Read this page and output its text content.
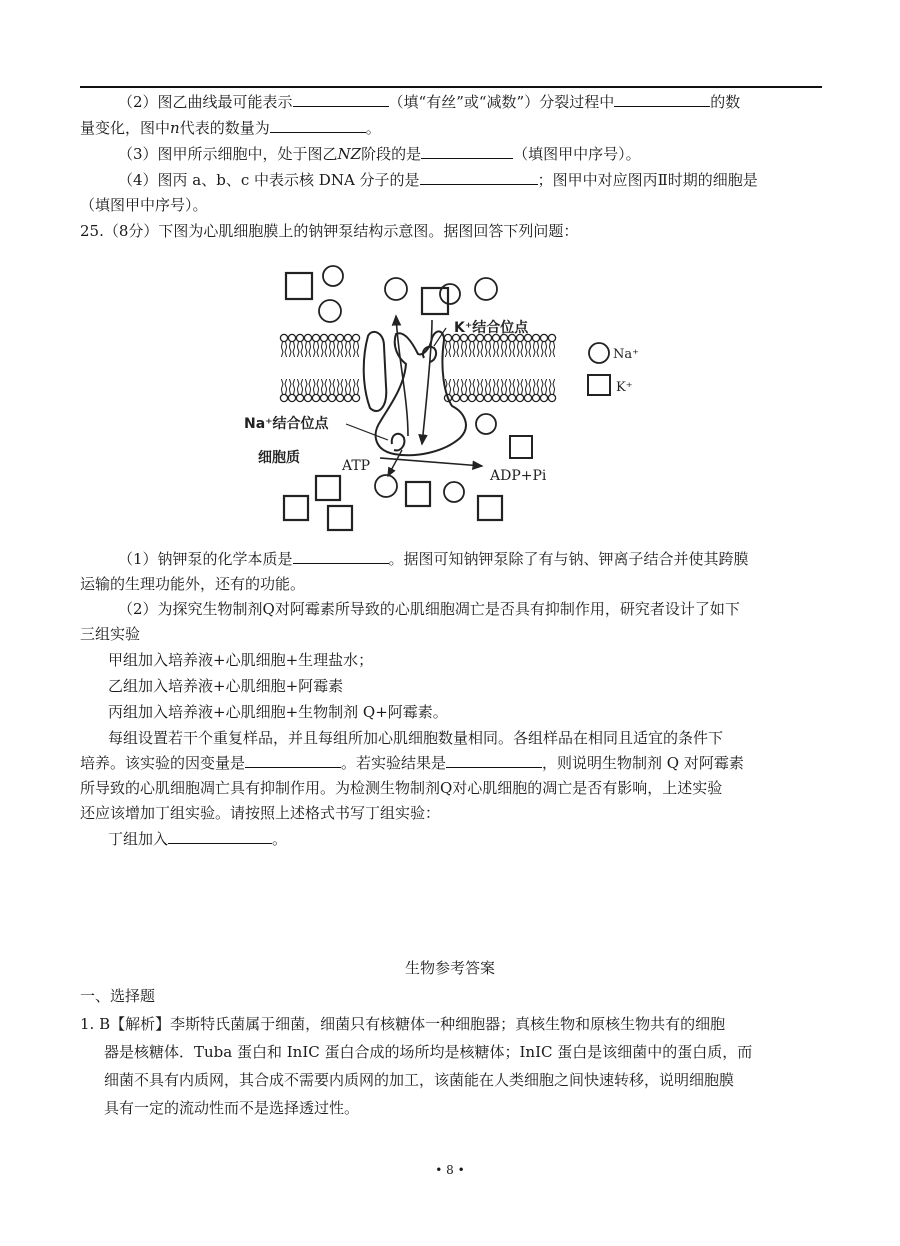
（2）图乙曲线最可能表示	（填“有丝”或“减数”）分裂过程中	的数
量变化，图中n代表的数量为	。
（3）图甲所示细胞中，处于图乙NZ阶段的是	（填图甲中序号）。
（4）图丙 a、b、c 中表示核 DNA 分子的是	；图甲中对应图丙Ⅱ时期的细胞是
（填图甲中序号）。
25.（8分）下图为心肌细胞膜上的钠钾泵结构示意图。据图回答下列问题：
K⁺结合位点
Na⁺结合位点
细胞质	ATP
ADP+Pi
Na⁺
K⁺
（1）钠钾泵的化学本质是	。据图可知钠钾泵除了有与钠、钾离子结合并使其跨膜
运输的生理功能外，还有的功能。
（2）为探究生物制剂Q对阿霉素所导致的心肌细胞凋亡是否具有抑制作用，研究者设计了如下
三组实验
甲组加入培养液+心肌细胞+生理盐水；
乙组加入培养液+心肌细胞+阿霉素
丙组加入培养液+心肌细胞+生物制剂 Q+阿霉素。
每组设置若干个重复样品，并且每组所加心肌细胞数量相同。各组样品在相同且适宜的条件下
培养。该实验的因变量是	。若实验结果是	，则说明生物制剂 Q 对阿霉素
所导致的心肌细胞凋亡具有抑制作用。为检测生物制剂Q对心肌细胞的凋亡是否有影响，上述实验
还应该增加丁组实验。请按照上述格式书写丁组实验：
丁组加入	。
生物参考答案
一、选择题
1. B【解析】李斯特氏菌属于细菌，细菌只有核糖体一种细胞器；真核生物和原核生物共有的细胞
器是核糖体．Tuba 蛋白和 InIC 蛋白合成的场所均是核糖体；InIC 蛋白是该细菌中的蛋白质，而
细菌不具有内质网，其合成不需要内质网的加工，该菌能在人类细胞之间快速转移，说明细胞膜
具有一定的流动性而不是选择透过性。
• 8 •
